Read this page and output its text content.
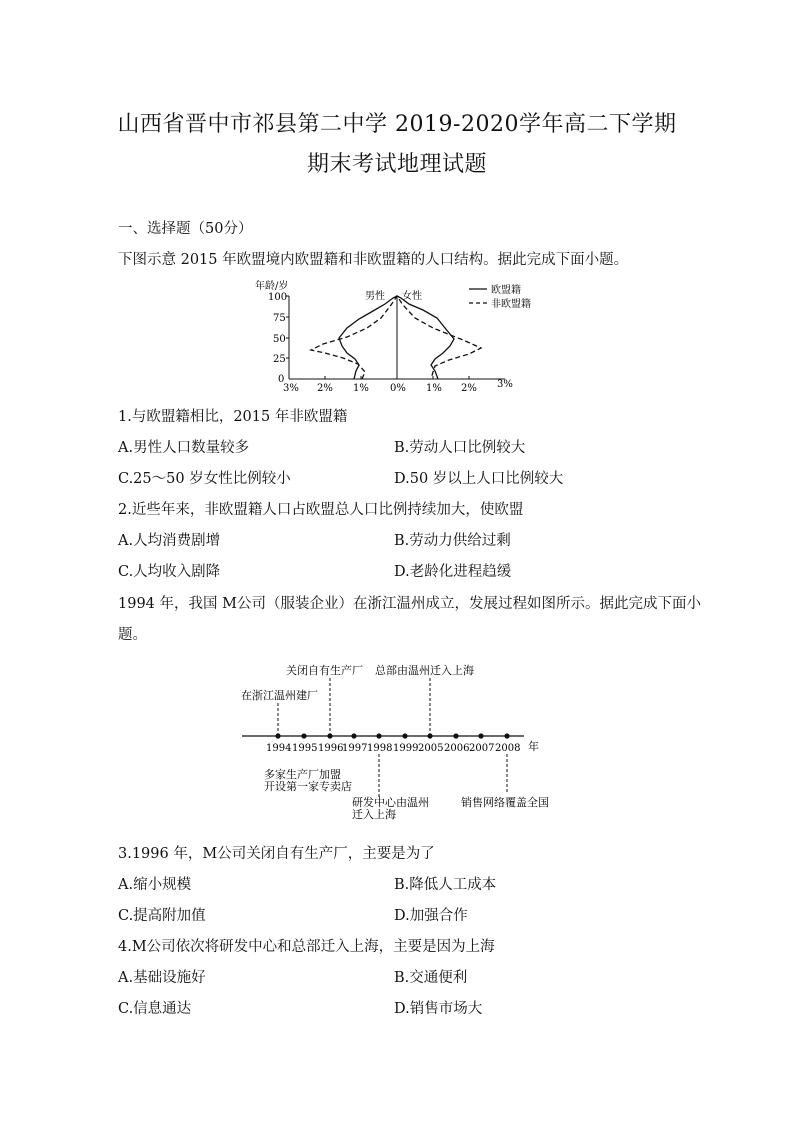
山西省晋中市祁县第二中学 2019-2020学年高二下学期
期末考试地理试题
一、选择题（50分）
下图示意 2015 年欧盟境内欧盟籍和非欧盟籍的人口结构。据此完成下面小题。
年龄/岁
100
75
50
25
0
3% 2% 1% 0% 1% 2% 3%
男性 女性
欧盟籍
非欧盟籍
1.与欧盟籍相比，2015 年非欧盟籍
A.男性人口数量较多	B.劳动人口比例较大
C.25～50 岁女性比例较小	D.50 岁以上人口比例较大
2.近些年来，非欧盟籍人口占欧盟总人口比例持续加大，使欧盟
A.人均消费剧增	B.劳动力供给过剩
C.人均收入剧降	D.老龄化进程趋缓
1994 年，我国 M公司（服装企业）在浙江温州成立，发展过程如图所示。据此完成下面小
题。
关闭自有生产厂 总部由温州迁入上海
在浙江温州建厂
1994 1995 1996
1997 1998 1999 2005 2006 2007 2008 年
多家生产厂加盟
开设第一家专卖店
研发中心由温州
迁入上海
销售网络覆盖全国
3.1996 年，M公司关闭自有生产厂，主要是为了
A.缩小规模	B.降低人工成本
C.提高附加值	D.加强合作
4.M公司依次将研发中心和总部迁入上海，主要是因为上海
A.基础设施好	B.交通便利
C.信息通达	D.销售市场大
